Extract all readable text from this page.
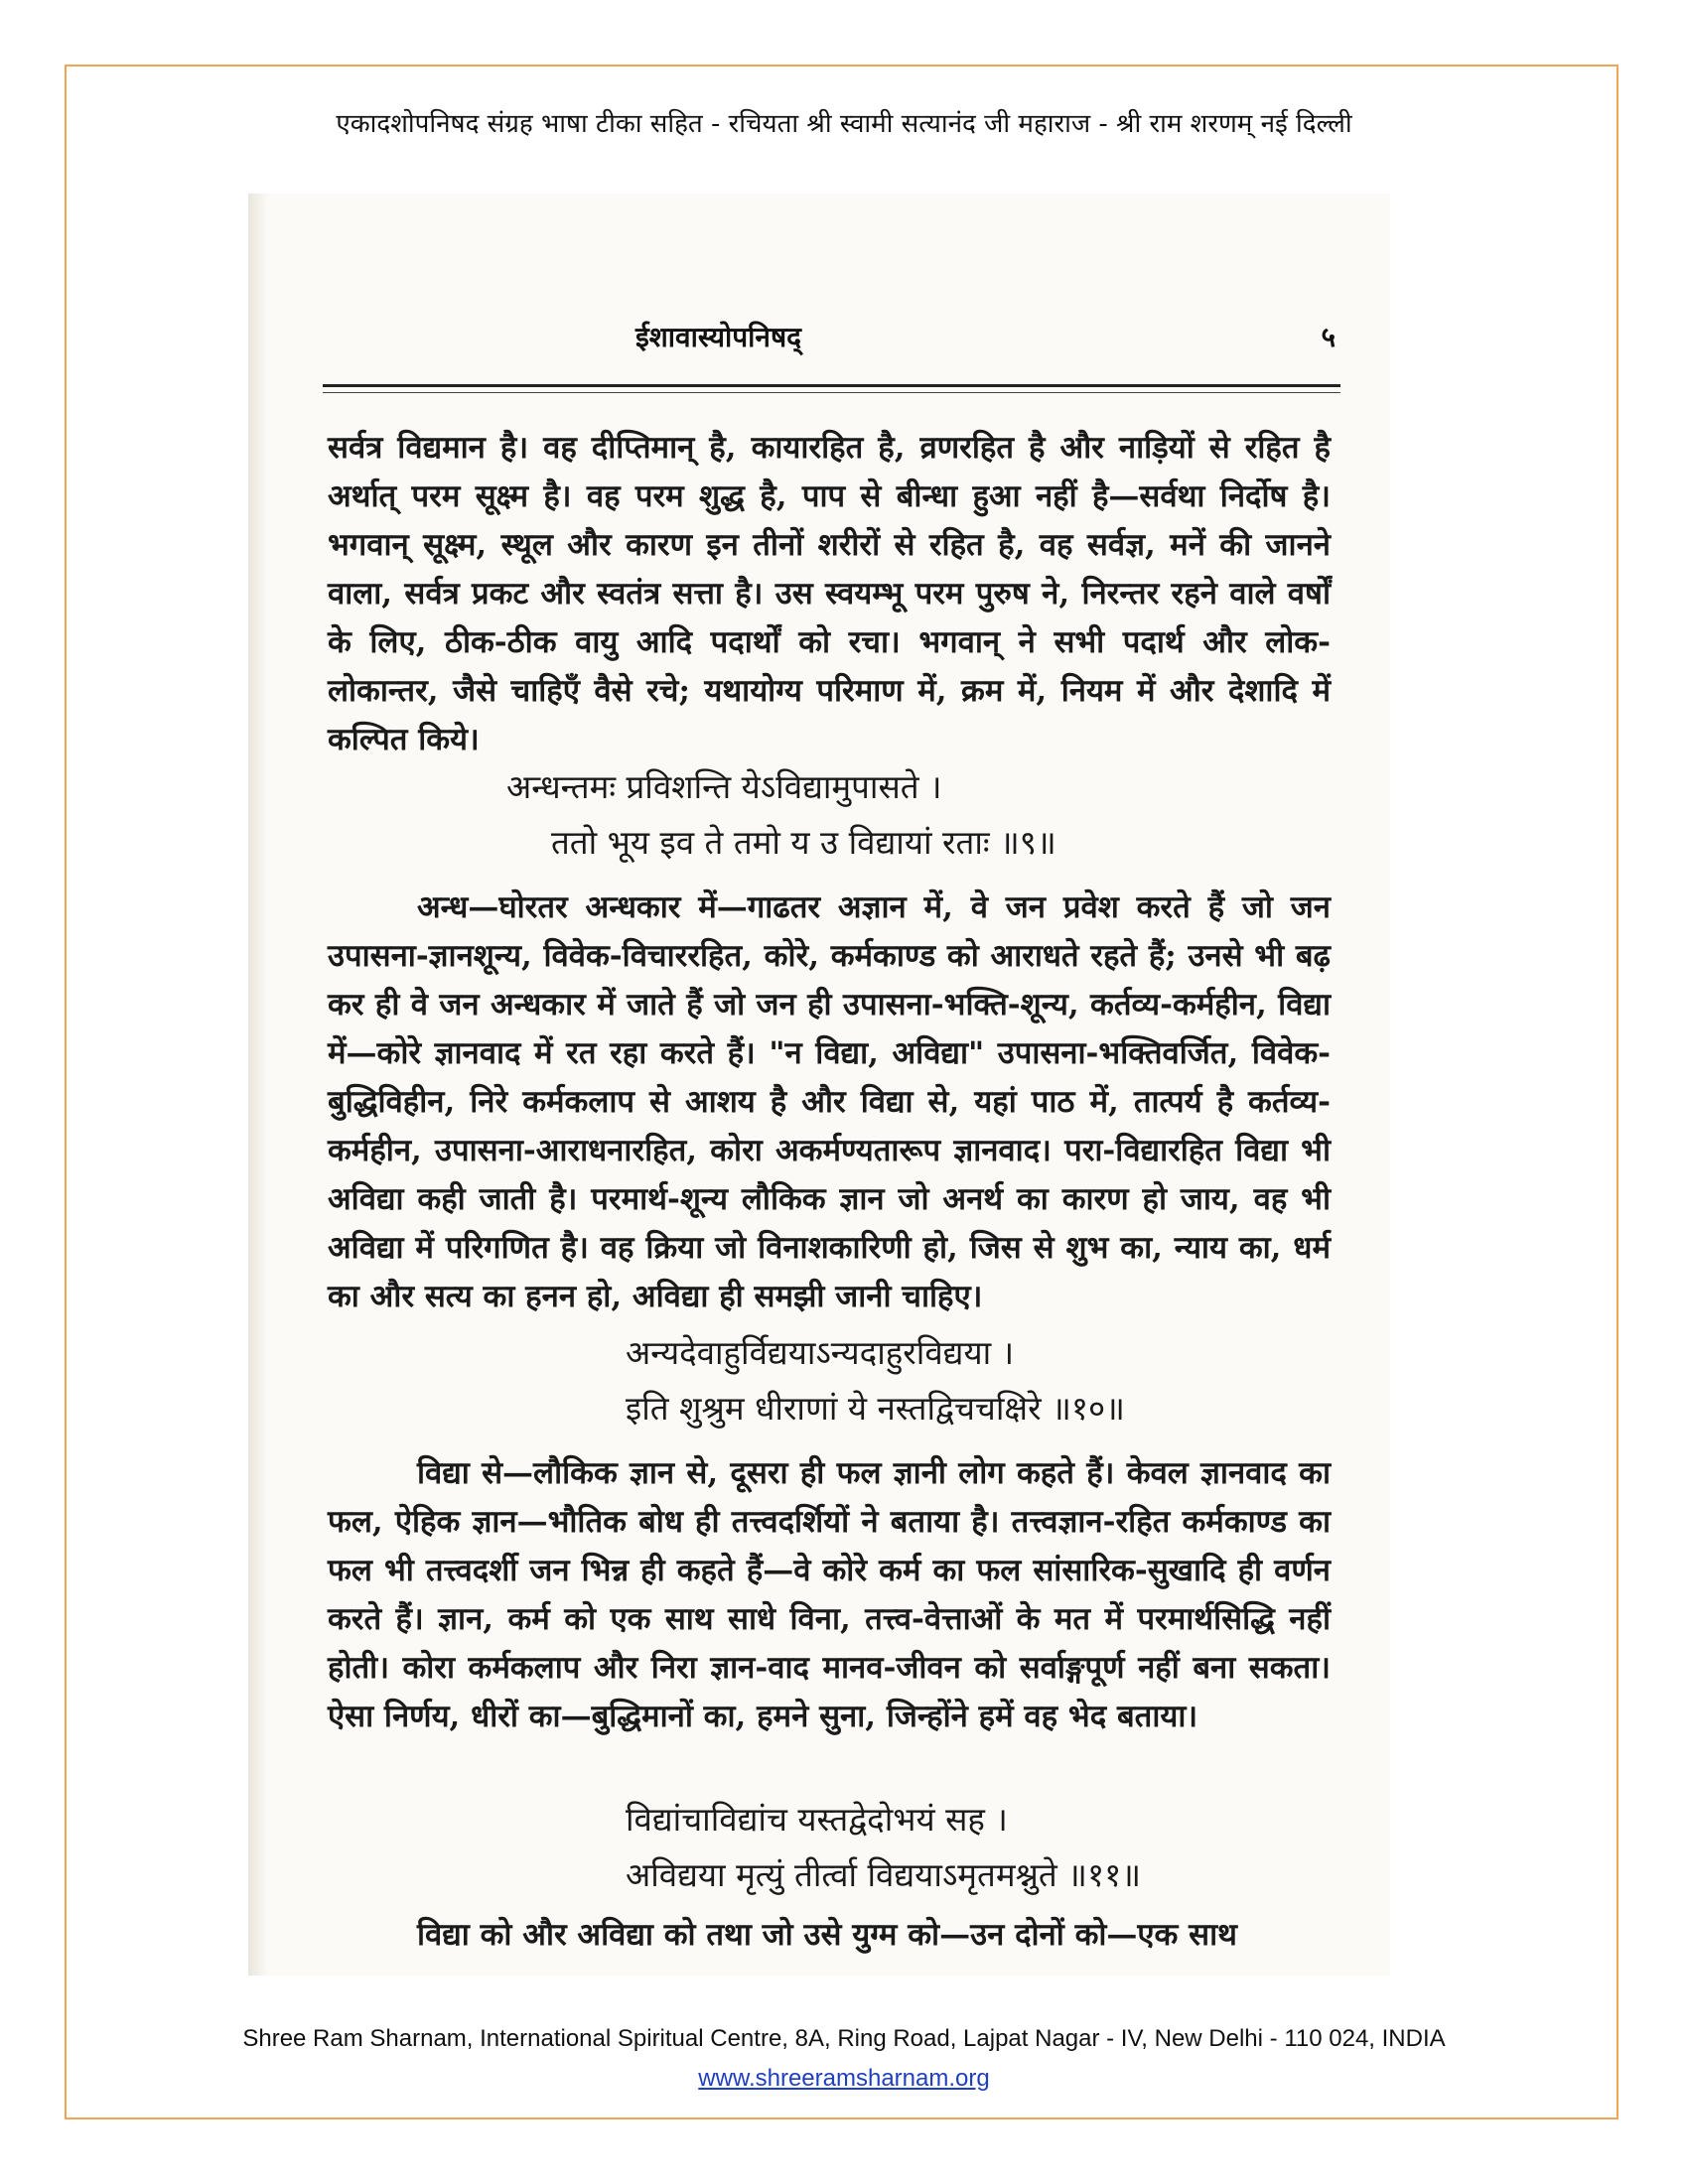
एकादशोपनिषद संग्रह भाषा टीका सहित - रचियता श्री स्वामी सत्यानंद जी महाराज - श्री राम शरणम् नई दिल्ली
ईशावास्योपनिषद्	५

सर्वत्र विद्यमान है। वह दीप्तिमान् है, कायारहित है, व्रणरहित है और नाड़ियों से रहित है अर्थात् परम सूक्ष्म है। वह परम शुद्ध है, पाप से बीन्धा हुआ नहीं है—सर्वथा निर्दोष है। भगवान् सूक्ष्म, स्थूल और कारण इन तीनों शरीरों से रहित है, वह सर्वज्ञ, मनें की जानने वाला, सर्वत्र प्रकट और स्वतंत्र सत्ता है। उस स्वयम्भू परम पुरुष ने, निरन्तर रहने वाले वर्षों के लिए, ठीक-ठीक वायु आदि पदार्थों को रचा। भगवान् ने सभी पदार्थ और लोक-लोकान्तर, जैसे चाहिएँ वैसे रचे; यथायोग्य परिमाण में, क्रम में, नियम में और देशादि में कल्पित किये।

अन्धन्तमः प्रविशन्ति येऽविद्यामुपासते ।
ततो भूय इव ते तमो य उ विद्यायां रताः ॥९॥

अन्ध—घोरतर अन्धकार में—गाढतर अज्ञान में, वे जन प्रवेश करते हैं जो जन उपासना-ज्ञानशून्य, विवेक-विचाररहित, कोरे, कर्मकाण्ड को आराधते रहते हैं; उनसे भी बढ़ कर ही वे जन अन्धकार में जाते हैं जो जन ही उपासना-भक्ति-शून्य, कर्तव्य-कर्महीन, विद्या में—कोरे ज्ञानवाद में रत रहा करते हैं। "न विद्या, अविद्या" उपासना-भक्तिवर्जित, विवेक-बुद्धिविहीन, निरे कर्मकलाप से आशय है और विद्या से, यहां पाठ में, तात्पर्य है कर्तव्य-कर्महीन, उपासना-आराधनारहित, कोरा अकर्मण्यतारूप ज्ञानवाद। परा-विद्यारहित विद्या भी अविद्या कही जाती है। परमार्थ-शून्य लौकिक ज्ञान जो अनर्थ का कारण हो जाय, वह भी अविद्या में परिगणित है। वह क्रिया जो विनाशकारिणी हो, जिस से शुभ का, न्याय का, धर्म का और सत्य का हनन हो, अविद्या ही समझी जानी चाहिए।

अन्यदेवाहुर्विद्ययाऽन्यदाहुरविद्यया ।
इति शुश्रुम धीराणां ये नस्तद्विचचक्षिरे ॥१०॥

विद्या से—लौकिक ज्ञान से, दूसरा ही फल ज्ञानी लोग कहते हैं। केवल ज्ञानवाद का फल, ऐहिक ज्ञान—भौतिक बोध ही तत्त्वदर्शियों ने बताया है। तत्त्वज्ञान-रहित कर्मकाण्ड का फल भी तत्त्वदर्शी जन भिन्न ही कहते हैं—वे कोरे कर्म का फल सांसारिक-सुखादि ही वर्णन करते हैं। ज्ञान, कर्म को एक साथ साधे विना, तत्त्व-वेत्ताओं के मत में परमार्थसिद्धि नहीं होती। कोरा कर्मकलाप और निरा ज्ञान-वाद मानव-जीवन को सर्वाङ्गपूर्ण नहीं बना सकता। ऐसा निर्णय, धीरों का—बुद्धिमानों का, हमने सुना, जिन्होंने हमें वह भेद बताया।

विद्यांचाविद्यांच यस्तद्वेदोभयं सह ।
अविद्यया मृत्युं तीर्त्वा विद्ययाऽमृतमश्नुते ॥११॥

विद्या को और अविद्या को तथा जो उसे युग्म को—उन दोनों को—एक साथ

Shree Ram Sharnam, International Spiritual Centre, 8A, Ring Road, Lajpat Nagar - IV, New Delhi - 110 024, INDIA
www.shreeramsharnam.org
